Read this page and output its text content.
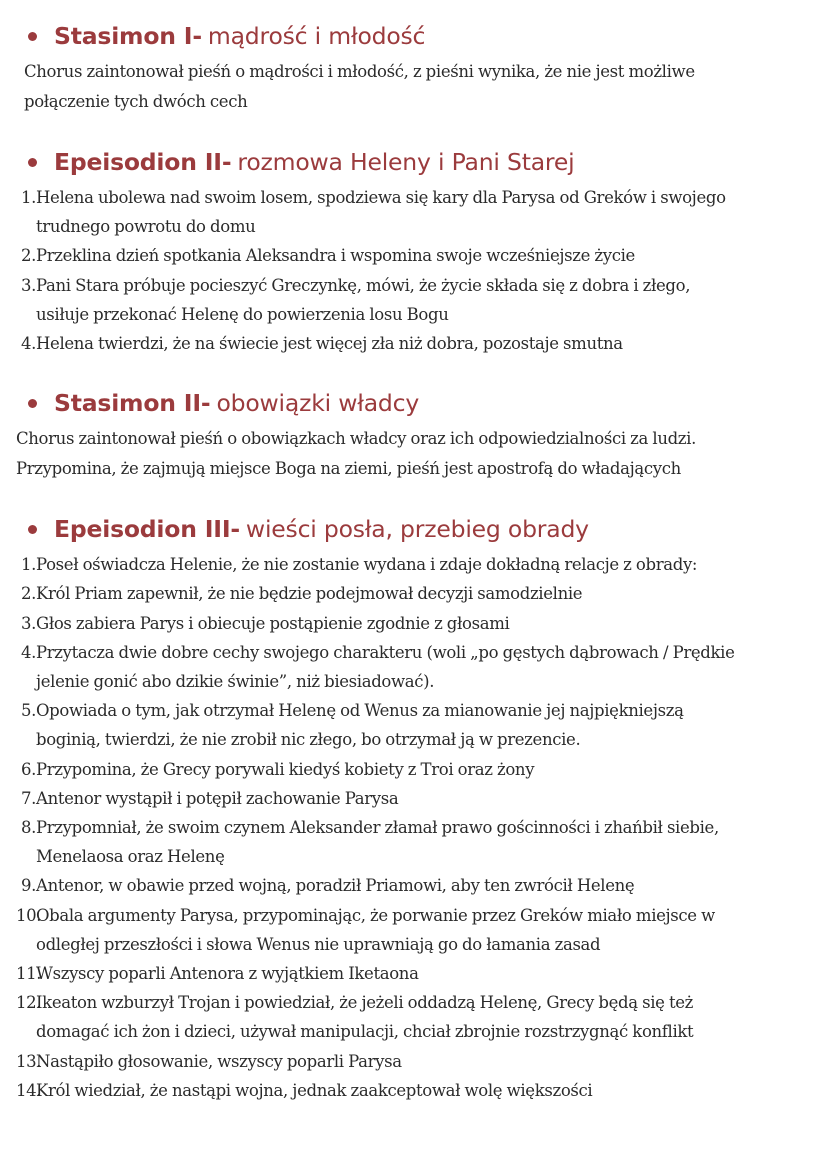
Stasimon I- mądrość i młodość
Chorus zaintonował pieśń o mądrości i młodość, z pieśni wynika, że nie jest możliwe
połączenie tych dwóch cech
Epeisodion II- rozmowa Heleny i Pani Starej
1. Helena ubolewa nad swoim losem, spodziewa się kary dla Parysa od Greków i swojego
trudnego powrotu do domu
2. Przeklina dzień spotkania Aleksandra i wspomina swoje wcześniejsze życie
3. Pani Stara próbuje pocieszyć Greczynkę, mówi, że życie składa się z dobra i złego,
usiłuje przekonać Helenę do powierzenia losu Bogu
4. Helena twierdzi, że na świecie jest więcej zła niż dobra, pozostaje smutna
Stasimon II- obowiązki władcy
Chorus zaintonował pieśń o obowiązkach władcy oraz ich odpowiedzialności za ludzi.
Przypomina, że zajmują miejsce Boga na ziemi, pieśń jest apostrofą do władających
Epeisodion III- wieści posła, przebieg obrady
1. Poseł oświadcza Helenie, że nie zostanie wydana i zdaje dokładną relacje z obrady:
2. Król Priam zapewnił, że nie będzie podejmował decyzji samodzielnie
3. Głos zabiera Parys i obiecuje postąpienie zgodnie z głosami
4. Przytacza dwie dobre cechy swojego charakteru (woli „po gęstych dąbrowach / Prędkie
jelenie gonić abo dzikie świnie”, niż biesiadować).
5. Opowiada o tym, jak otrzymał Helenę od Wenus za mianowanie jej najpiękniejszą
boginią, twierdzi, że nie zrobił nic złego, bo otrzymał ją w prezencie.
6. Przypomina, że Grecy porywali kiedyś kobiety z Troi oraz żony
7. Antenor wystąpił i potępił zachowanie Parysa
8. Przypomniał, że swoim czynem Aleksander złamał prawo gościnności i zhańbił siebie,
Menelaosa oraz Helenę
9. Antenor, w obawie przed wojną, poradził Priamowi, aby ten zwrócił Helenę
10.
Obala argumenty Parysa, przypominając, że porwanie przez Greków miało miejsce w
odległej przeszłości i słowa Wenus nie uprawniają go do łamania zasad
11.
Wszyscy poparli Antenora z wyjątkiem Iketaona
12.
Ikeaton wzburzył Trojan i powiedział, że jeżeli oddadzą Helenę, Grecy będą się też
domagać ich żon i dzieci, używał manipulacji, chciał zbrojnie rozstrzygnąć konflikt
13.
Nastąpiło głosowanie, wszyscy poparli Parysa
14.
Król wiedział, że nastąpi wojna, jednak zaakceptował wolę większości
